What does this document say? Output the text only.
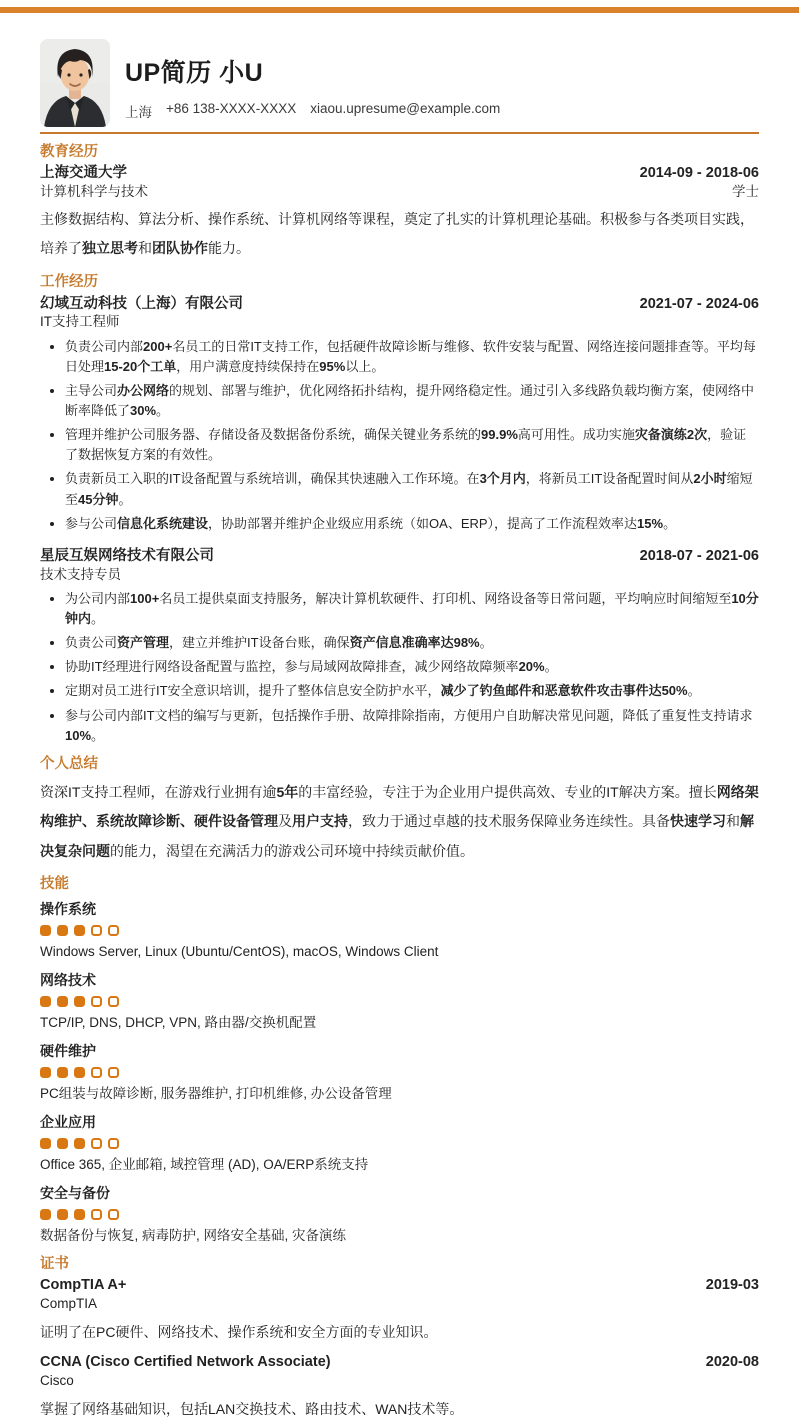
UP简历 小U
上海 +86 138-XXXX-XXXX xiaou.upresume@example.com
教育经历
上海交通大学	2014-09 - 2018-06
计算机科学与技术	学士

主修数据结构、算法分析、操作系统、计算机网络等课程，奠定了扎实的计算机理论基础。积极参与各类项目实践，培养了独立思考和团队协作能力。

工作经历
幻域互动科技（上海）有限公司	2021-07 - 2024-06
IT支持工程师
• 负责公司内部200+名员工的日常IT支持工作，包括硬件故障诊断与维修、软件安装与配置、网络连接问题排查等。平均每日处理15-20个工单，用户满意度持续保持在95%以上。
• 主导公司办公网络的规划、部署与维护，优化网络拓扑结构，提升网络稳定性。通过引入多线路负载均衡方案，使网络中断率降低了30%。
• 管理并维护公司服务器、存储设备及数据备份系统，确保关键业务系统的99.9%高可用性。成功实施灾备演练2次，验证了数据恢复方案的有效性。
• 负责新员工入职的IT设备配置与系统培训，确保其快速融入工作环境。在3个月内，将新员工IT设备配置时间从2小时缩短至45分钟。
• 参与公司信息化系统建设，协助部署并维护企业级应用系统（如OA、ERP），提高了工作流程效率达15%。
星辰互娱网络技术有限公司	2018-07 - 2021-06
技术支持专员
• 为公司内部100+名员工提供桌面支持服务，解决计算机软硬件、打印机、网络设备等日常问题，平均响应时间缩短至10分钟内。
• 负责公司资产管理，建立并维护IT设备台账，确保资产信息准确率达98%。
• 协助IT经理进行网络设备配置与监控，参与局域网故障排查，减少网络故障频率20%。
• 定期对员工进行IT安全意识培训，提升了整体信息安全防护水平，减少了钓鱼邮件和恶意软件攻击事件达50%。
• 参与公司内部IT文档的编写与更新，包括操作手册、故障排除指南，方便用户自助解决常见问题，降低了重复性支持请求10%。
个人总结

资深IT支持工程师，在游戏行业拥有逾5年的丰富经验，专注于为企业用户提供高效、专业的IT解决方案。擅长网络架构维护、系统故障诊断、硬件设备管理及用户支持，致力于通过卓越的技术服务保障业务连续性。具备快速学习和解决复杂问题的能力，渴望在充满活力的游戏公司环境中持续贡献价值。

技能
操作系统
Windows Server, Linux (Ubuntu/CentOS), macOS, Windows Client
网络技术
TCP/IP, DNS, DHCP, VPN, 路由器/交换机配置
硬件维护
PC组装与故障诊断, 服务器维护, 打印机维修, 办公设备管理
企业应用
Office 365, 企业邮箱, 域控管理 (AD), OA/ERP系统支持
安全与备份
数据备份与恢复, 病毒防护, 网络安全基础, 灾备演练
证书
CompTIA A+	2019-03
CompTIA

证明了在PC硬件、网络技术、操作系统和安全方面的专业知识。

CCNA (Cisco Certified Network Associate)	2020-08
Cisco

掌握了网络基础知识，包括LAN交换技术、路由技术、WAN技术等。
